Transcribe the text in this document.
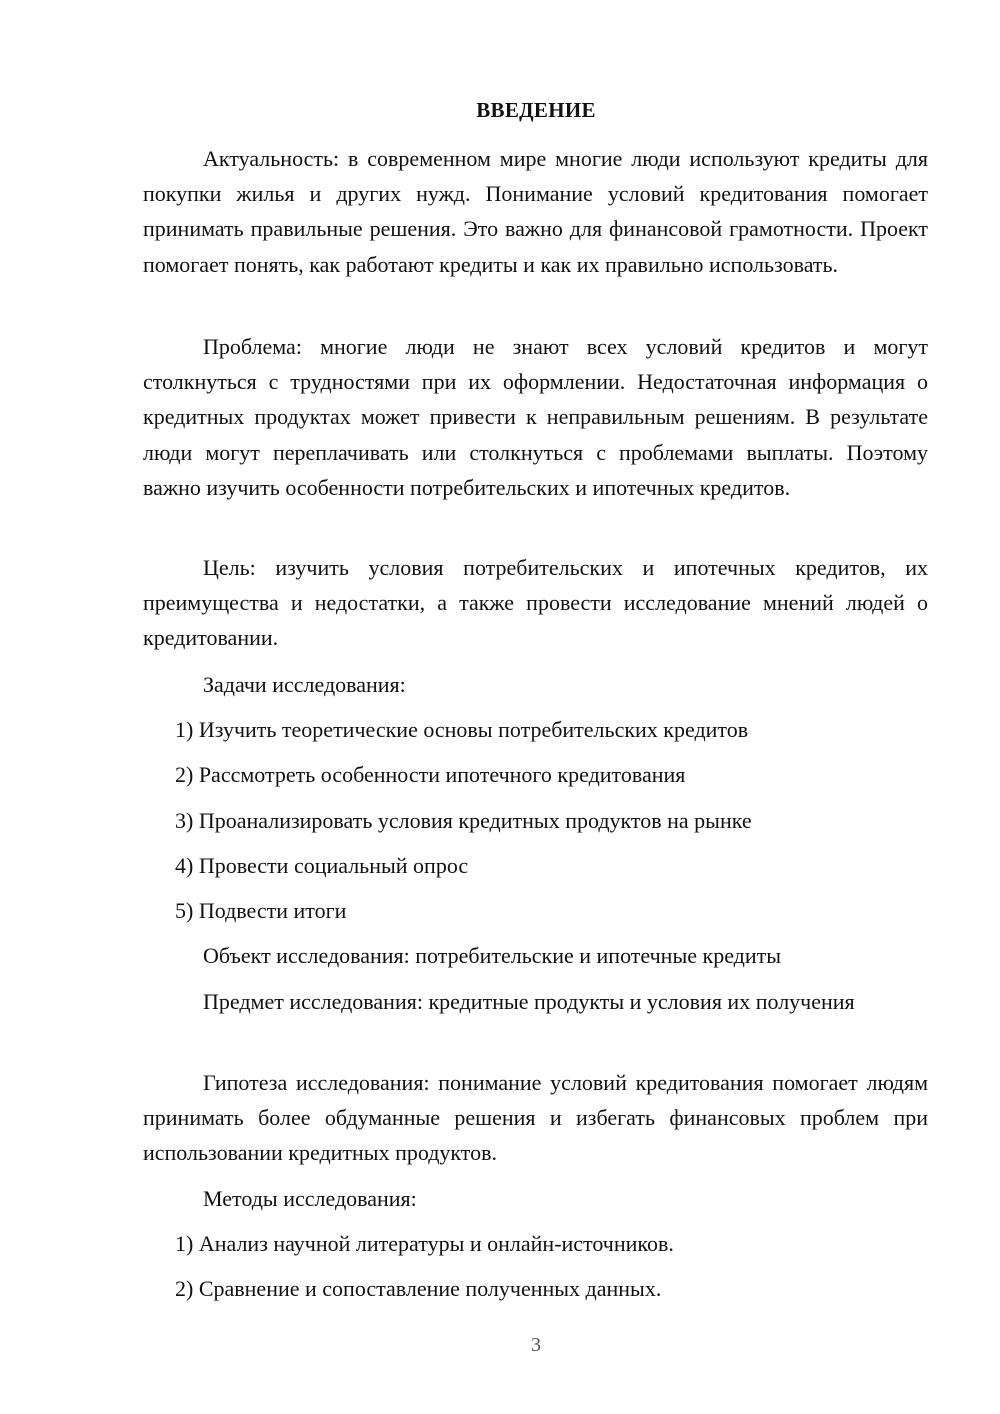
ВВЕДЕНИЕ
Актуальность: в современном мире многие люди используют кредиты для покупки жилья и других нужд. Понимание условий кредитования помогает принимать правильные решения. Это важно для финансовой грамотности. Проект помогает понять, как работают кредиты и как их правильно использовать.
Проблема: многие люди не знают всех условий кредитов и могут столкнуться с трудностями при их оформлении. Недостаточная информация о кредитных продуктах может привести к неправильным решениям. В результате люди могут переплачивать или столкнуться с проблемами выплаты. Поэтому важно изучить особенности потребительских и ипотечных кредитов.
Цель: изучить условия потребительских и ипотечных кредитов, их преимущества и недостатки, а также провести исследование мнений людей о кредитовании.
Задачи исследования:
1) Изучить теоретические основы потребительских кредитов
2) Рассмотреть особенности ипотечного кредитования
3) Проанализировать условия кредитных продуктов на рынке
4) Провести социальный опрос
5) Подвести итоги
Объект исследования: потребительские и ипотечные кредиты
Предмет исследования: кредитные продукты и условия их получения
Гипотеза исследования: понимание условий кредитования помогает людям принимать более обдуманные решения и избегать финансовых проблем при использовании кредитных продуктов.
Методы исследования:
1) Анализ научной литературы и онлайн-источников.
2) Сравнение и сопоставление полученных данных.
3
